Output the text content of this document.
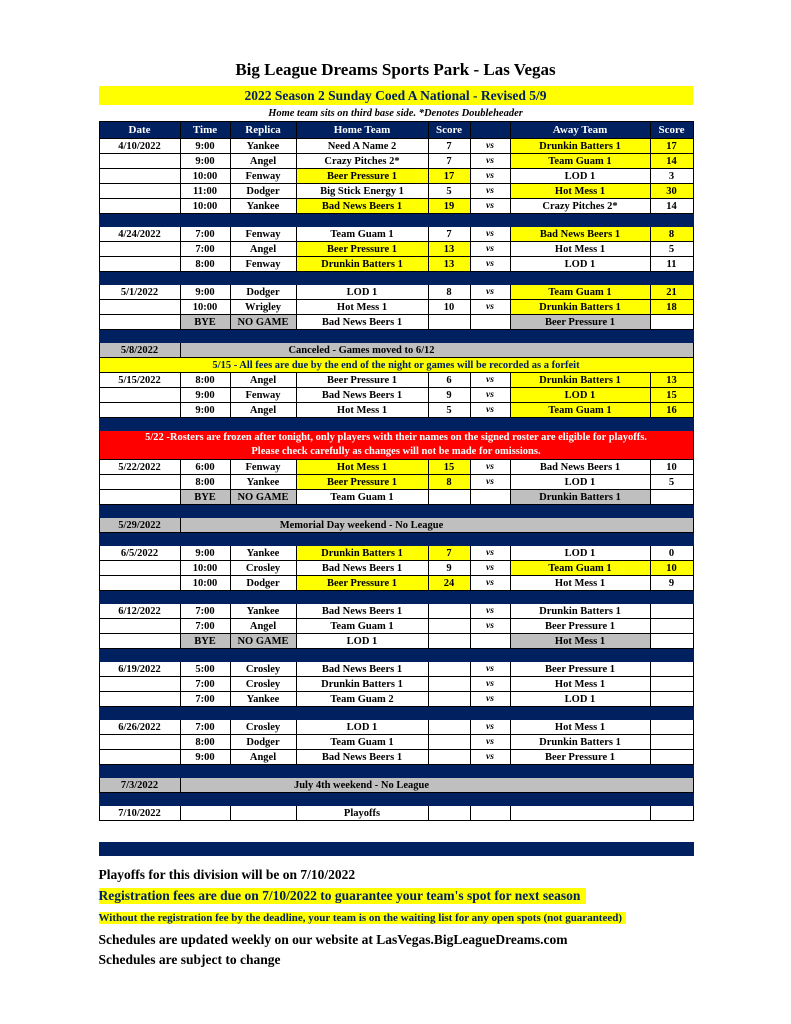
Big League Dreams Sports Park - Las Vegas
2022 Season 2 Sunday Coed A National - Revised 5/9
Home team sits on third base side. *Denotes Doubleheader
Date	Time	Replica	Home Team	Score		Away Team	Score
4/10/2022	9:00	Yankee	Need A Name 2	7	vs	Drunkin Batters 1	17
	9:00	Angel	Crazy Pitches 2*	7	vs	Team Guam 1	14
	10:00	Fenway	Beer Pressure 1	17	vs	LOD 1	3
	11:00	Dodger	Big Stick Energy 1	5	vs	Hot Mess 1	30
	10:00	Yankee	Bad News Beers 1	19	vs	Crazy Pitches 2*	14

4/24/2022	7:00	Fenway	Team Guam 1	7	vs	Bad News Beers 1	8
	7:00	Angel	Beer Pressure 1	13	vs	Hot Mess 1	5
	8:00	Fenway	Drunkin Batters 1	13	vs	LOD 1	11

5/1/2022	9:00	Dodger	LOD 1	8	vs	Team Guam 1	21
	10:00	Wrigley	Hot Mess 1	10	vs	Drunkin Batters 1	18
	BYE	NO GAME	Bad News Beers 1			Beer Pressure 1	

5/8/2022	Canceled - Games moved to 6/12						
5/15 - All fees are due by the end of the night or games will be recorded as a forfeit							
5/15/2022	8:00	Angel	Beer Pressure 1	6	vs	Drunkin Batters 1	13
	9:00	Fenway	Bad News Beers 1	9	vs	LOD 1	15
	9:00	Angel	Hot Mess 1	5	vs	Team Guam 1	16

5/22 -Rosters are frozen after tonight, only players with their names on the signed roster are eligible for playoffs.
Please check carefully as changes will not be made for omissions.							

5/22/2022	6:00	Fenway	Hot Mess 1	15	vs	Bad News Beers 1	10
	8:00	Yankee	Beer Pressure 1	8	vs	LOD 1	5
	BYE	NO GAME	Team Guam 1			Drunkin Batters 1	

5/29/2022	Memorial Day weekend - No League						

6/5/2022	9:00	Yankee	Drunkin Batters 1	7	vs	LOD 1	0
	10:00	Crosley	Bad News Beers 1	9	vs	Team Guam 1	10
	10:00	Dodger	Beer Pressure 1	24	vs	Hot Mess 1	9

6/12/2022	7:00	Yankee	Bad News Beers 1		vs	Drunkin Batters 1	
	7:00	Angel	Team Guam 1		vs	Beer Pressure 1	
	BYE	NO GAME	LOD 1			Hot Mess 1	

6/19/2022	5:00	Crosley	Bad News Beers 1		vs	Beer Pressure 1	
	7:00	Crosley	Drunkin Batters 1		vs	Hot Mess 1	
	7:00	Yankee	Team Guam 2		vs	LOD 1	

6/26/2022	7:00	Crosley	LOD 1		vs	Hot Mess 1	
	8:00	Dodger	Team Guam 1		vs	Drunkin Batters 1	
	9:00	Angel	Bad News Beers 1		vs	Beer Pressure 1	

7/3/2022	July 4th weekend - No League						

7/10/2022			Playoffs				

Playoffs for this division will be on 7/10/2022
Registration fees are due on 7/10/2022 to guarantee your team's spot for next season
Without the registration fee by the deadline, your team is on the waiting list for any open spots (not guaranteed)
Schedules are updated weekly on our website at LasVegas.BigLeagueDreams.com
Schedules are subject to change
